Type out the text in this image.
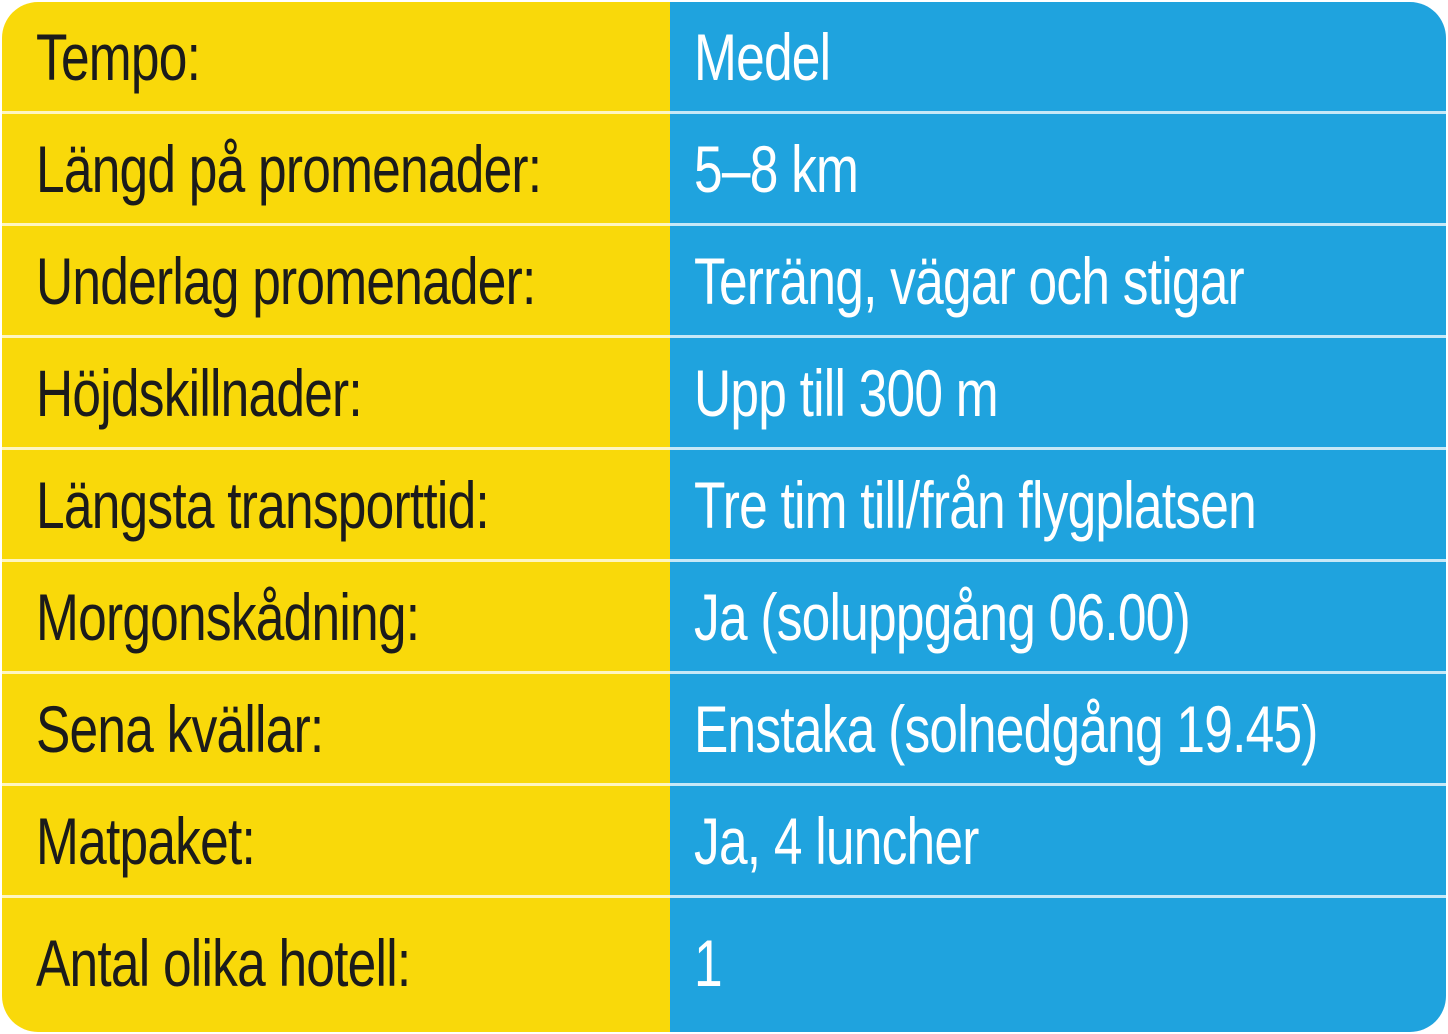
Tempo:	Medel
Längd på promenader: 5–8 km
Underlag promenader: Terräng, vägar och stigar
Höjdskillnader:	Upp till 300 m
Längsta transporttid:	Tre tim till/från flygplatsen
Morgonskådning:	Ja (soluppgång 06.00)
Sena kvällar:	Enstaka (solnedgång 19.45)
Matpaket:	Ja, 4 luncher
Antal olika hotell:	1
